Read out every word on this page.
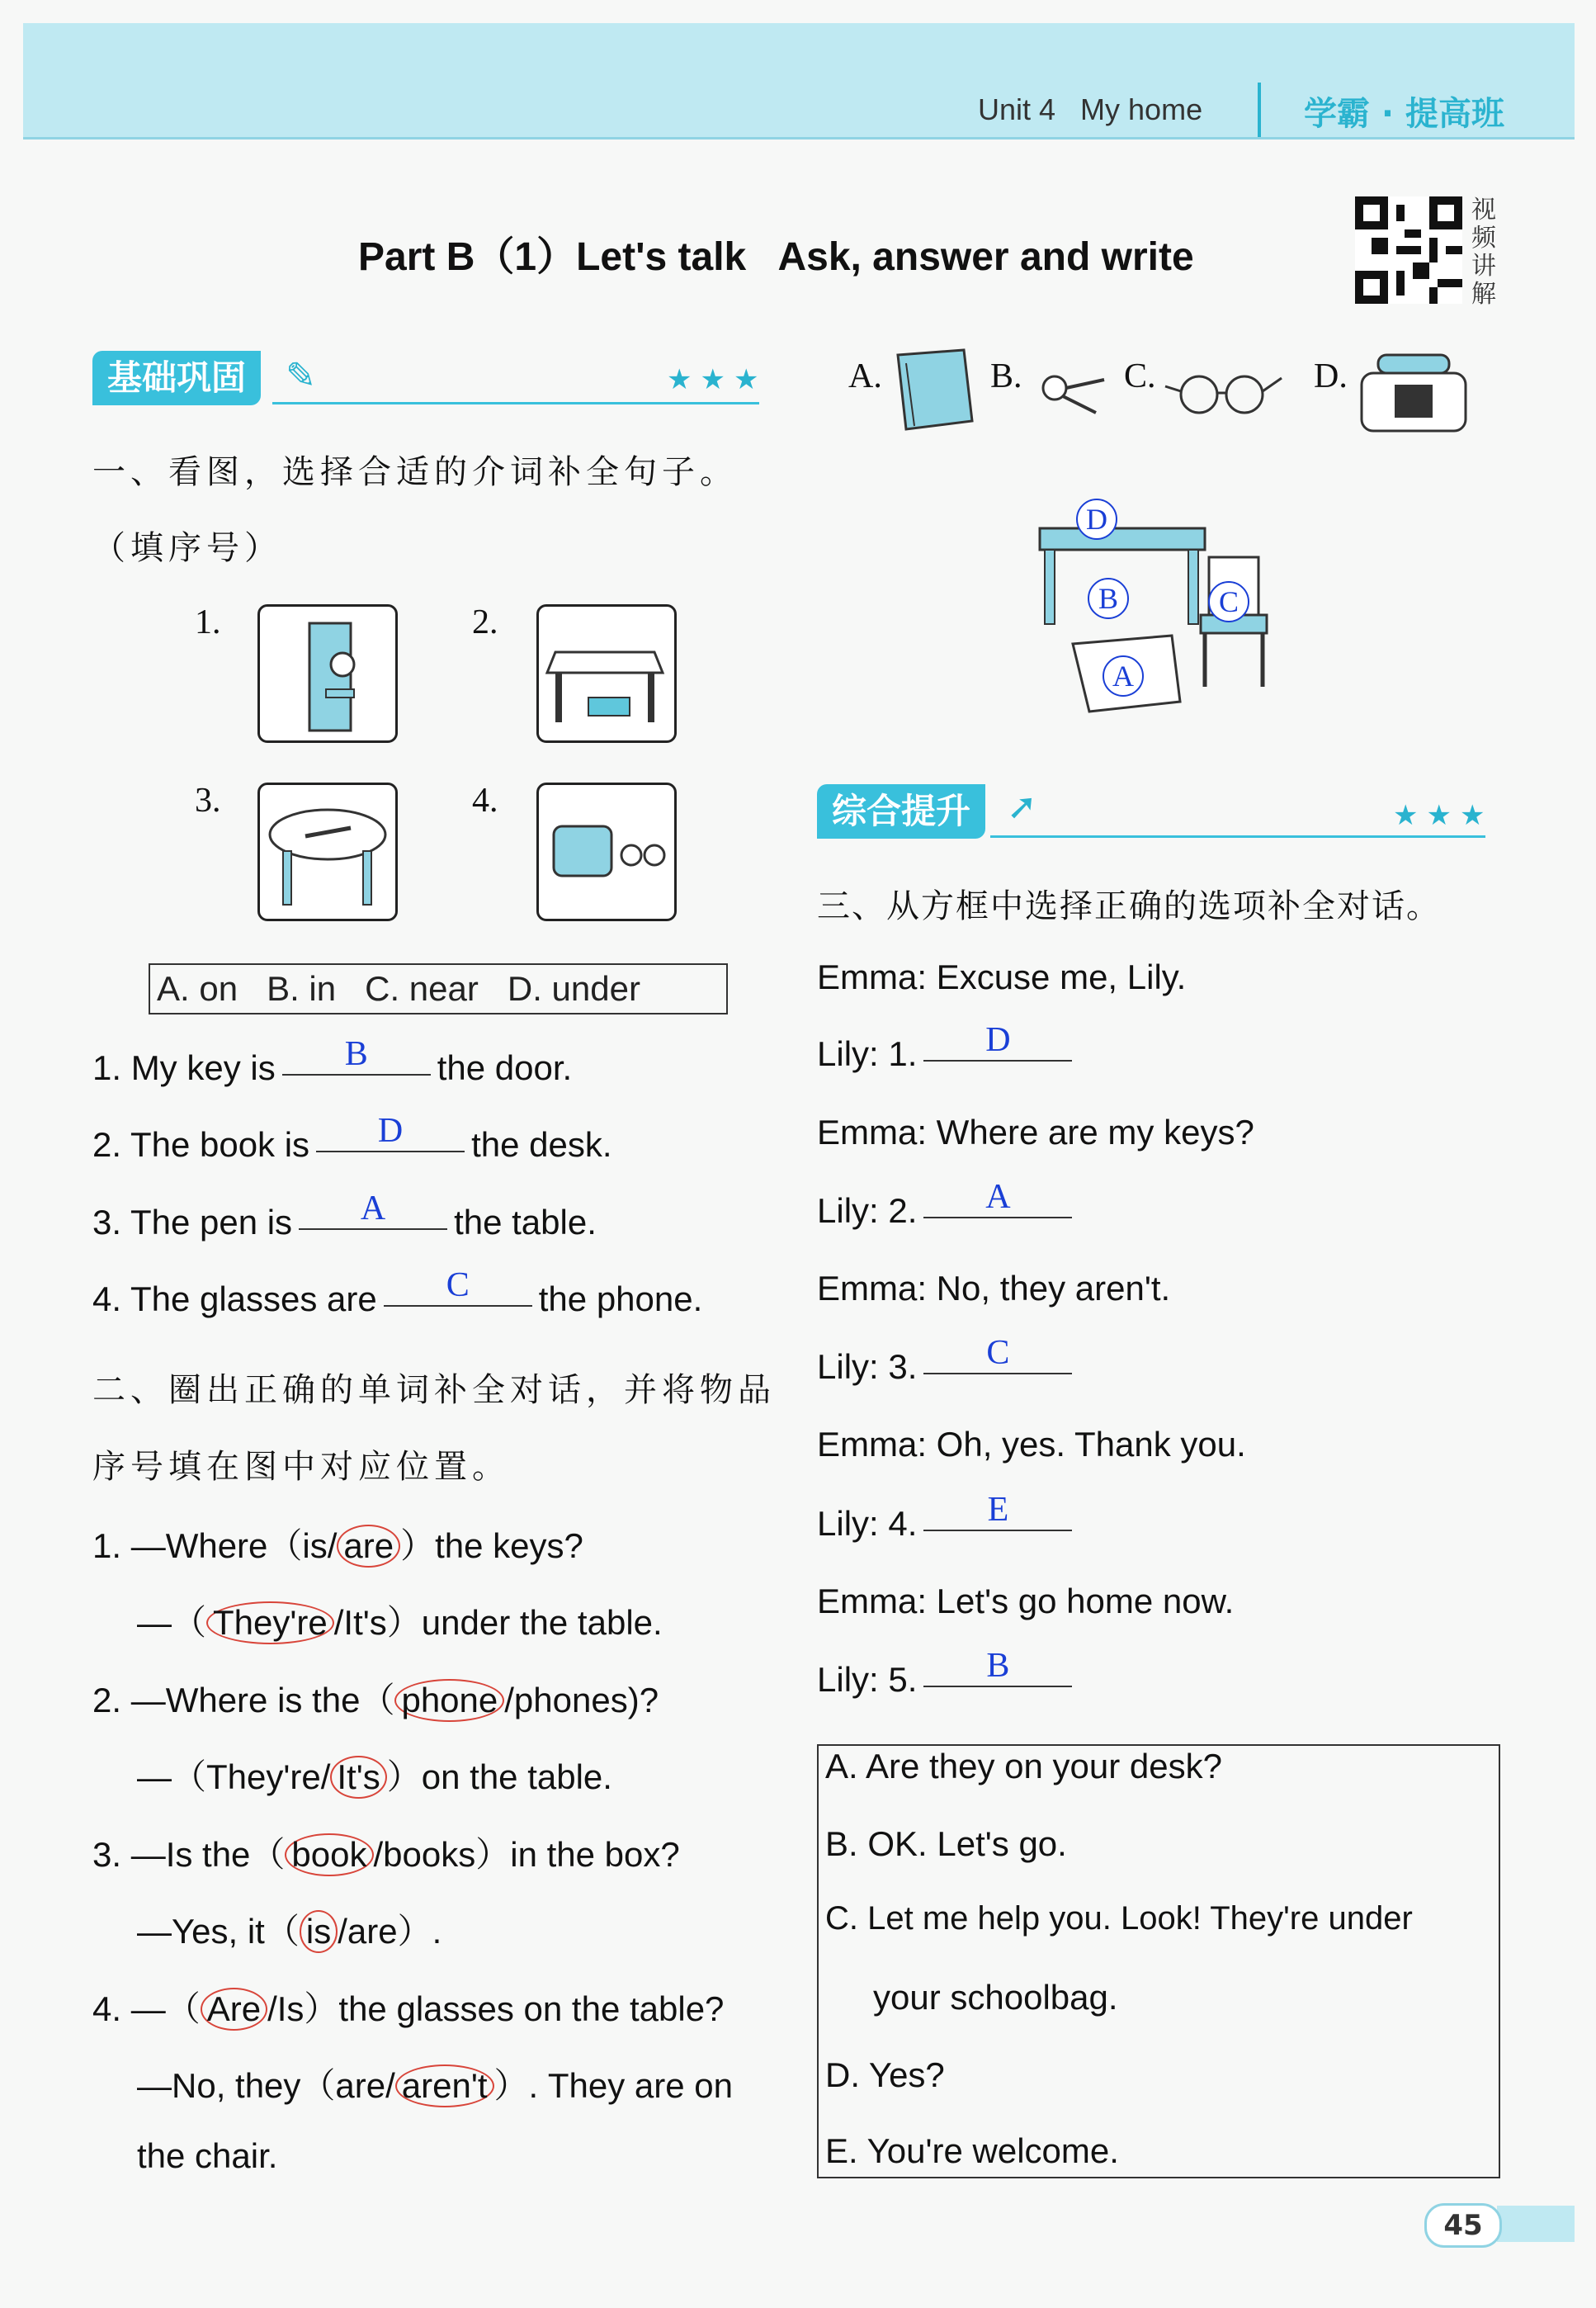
Unit 4   My home	学霸 · 提高班
Part B（1）Let's talk   Ask, answer and write
视频讲解
基础巩固	✎	★★★
一、看图，选择合适的介词补全句子。
（填序号）
1.	2.
3.	4.
A. on   B. in   C. near   D. under
1. My key is B the door.
2. The book is D the desk.
3. The pen is A the table.
4. The glasses are C the phone.
二、圈出正确的单词补全对话，并将物品
序号填在图中对应位置。
1. —Where（is/ are ）the keys?
—（ They're /It's）under the table.
2. —Where is the（ phone /phones)?
—（They're/ It's ）on the table.
3. —Is the（ book /books）in the box?
—Yes, it（ is /are）.
4. —（ Are /Is）the glasses on the table?
—No, they（are/ aren't ）. They are on
the chair.
A.	B.	C.	D.
D
B	C
A
综合提升 ➚	★★★
三、从方框中选择正确的选项补全对话。
Emma: Excuse me, Lily.
Lily: 1. D
Emma: Where are my keys?
Lily: 2. A
Emma: No, they aren't.
Lily: 3. C
Emma: Oh, yes. Thank you.
Lily: 4. E
Emma: Let's go home now.
Lily: 5. B
A. Are they on your desk?
B. OK. Let's go.
C. Let me help you. Look! They're under
your schoolbag.
D. Yes?
E. You're welcome.
45
